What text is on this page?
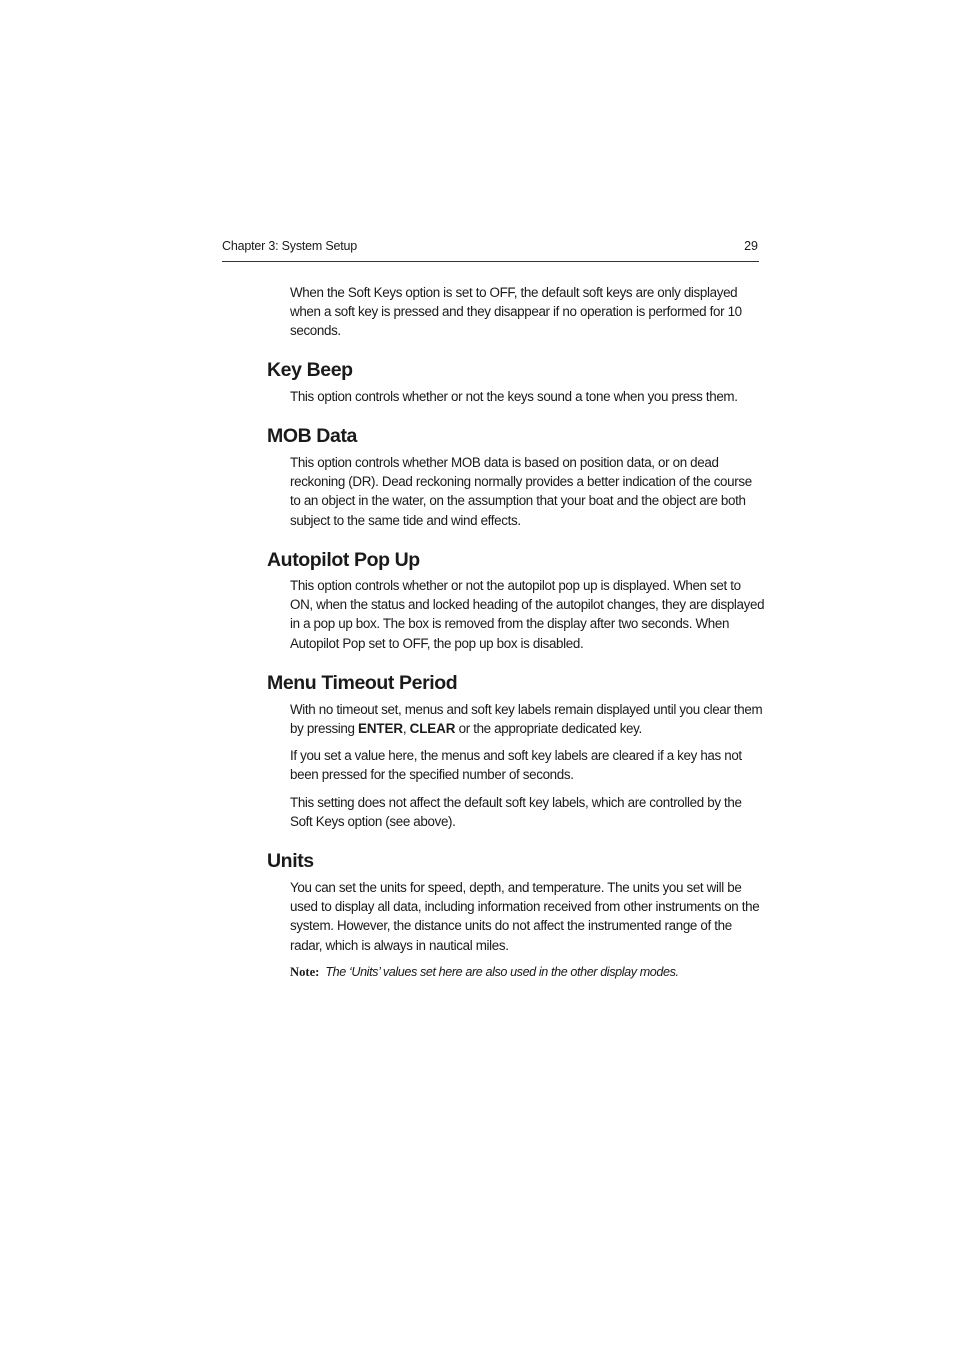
Chapter 3: System Setup	29

When the Soft Keys option is set to OFF, the default soft keys are only displayed when a soft key is pressed and they disappear if no operation is performed for 10 seconds.

Key Beep

This option controls whether or not the keys sound a tone when you press them.

MOB Data

This option controls whether MOB data is based on position data, or on dead reckoning (DR). Dead reckoning normally provides a better indication of the course to an object in the water, on the assumption that your boat and the object are both subject to the same tide and wind effects.

Autopilot Pop Up

This option controls whether or not the autopilot pop up is displayed. When set to ON, when the status and locked heading of the autopilot changes, they are displayed in a pop up box. The box is removed from the display after two seconds. When Autopilot Pop set to OFF, the pop up box is disabled.

Menu Timeout Period

With no timeout set, menus and soft key labels remain displayed until you clear them by pressing ENTER, CLEAR or the appropriate dedicated key.

If you set a value here, the menus and soft key labels are cleared if a key has not been pressed for the specified number of seconds.

This setting does not affect the default soft key labels, which are controlled by the Soft Keys option (see above).

Units

You can set the units for speed, depth, and temperature. The units you set will be used to display all data, including information received from other instruments on the system. However, the distance units do not affect the instrumented range of the radar, which is always in nautical miles.

Note: The ‘Units’ values set here are also used in the other display modes.
